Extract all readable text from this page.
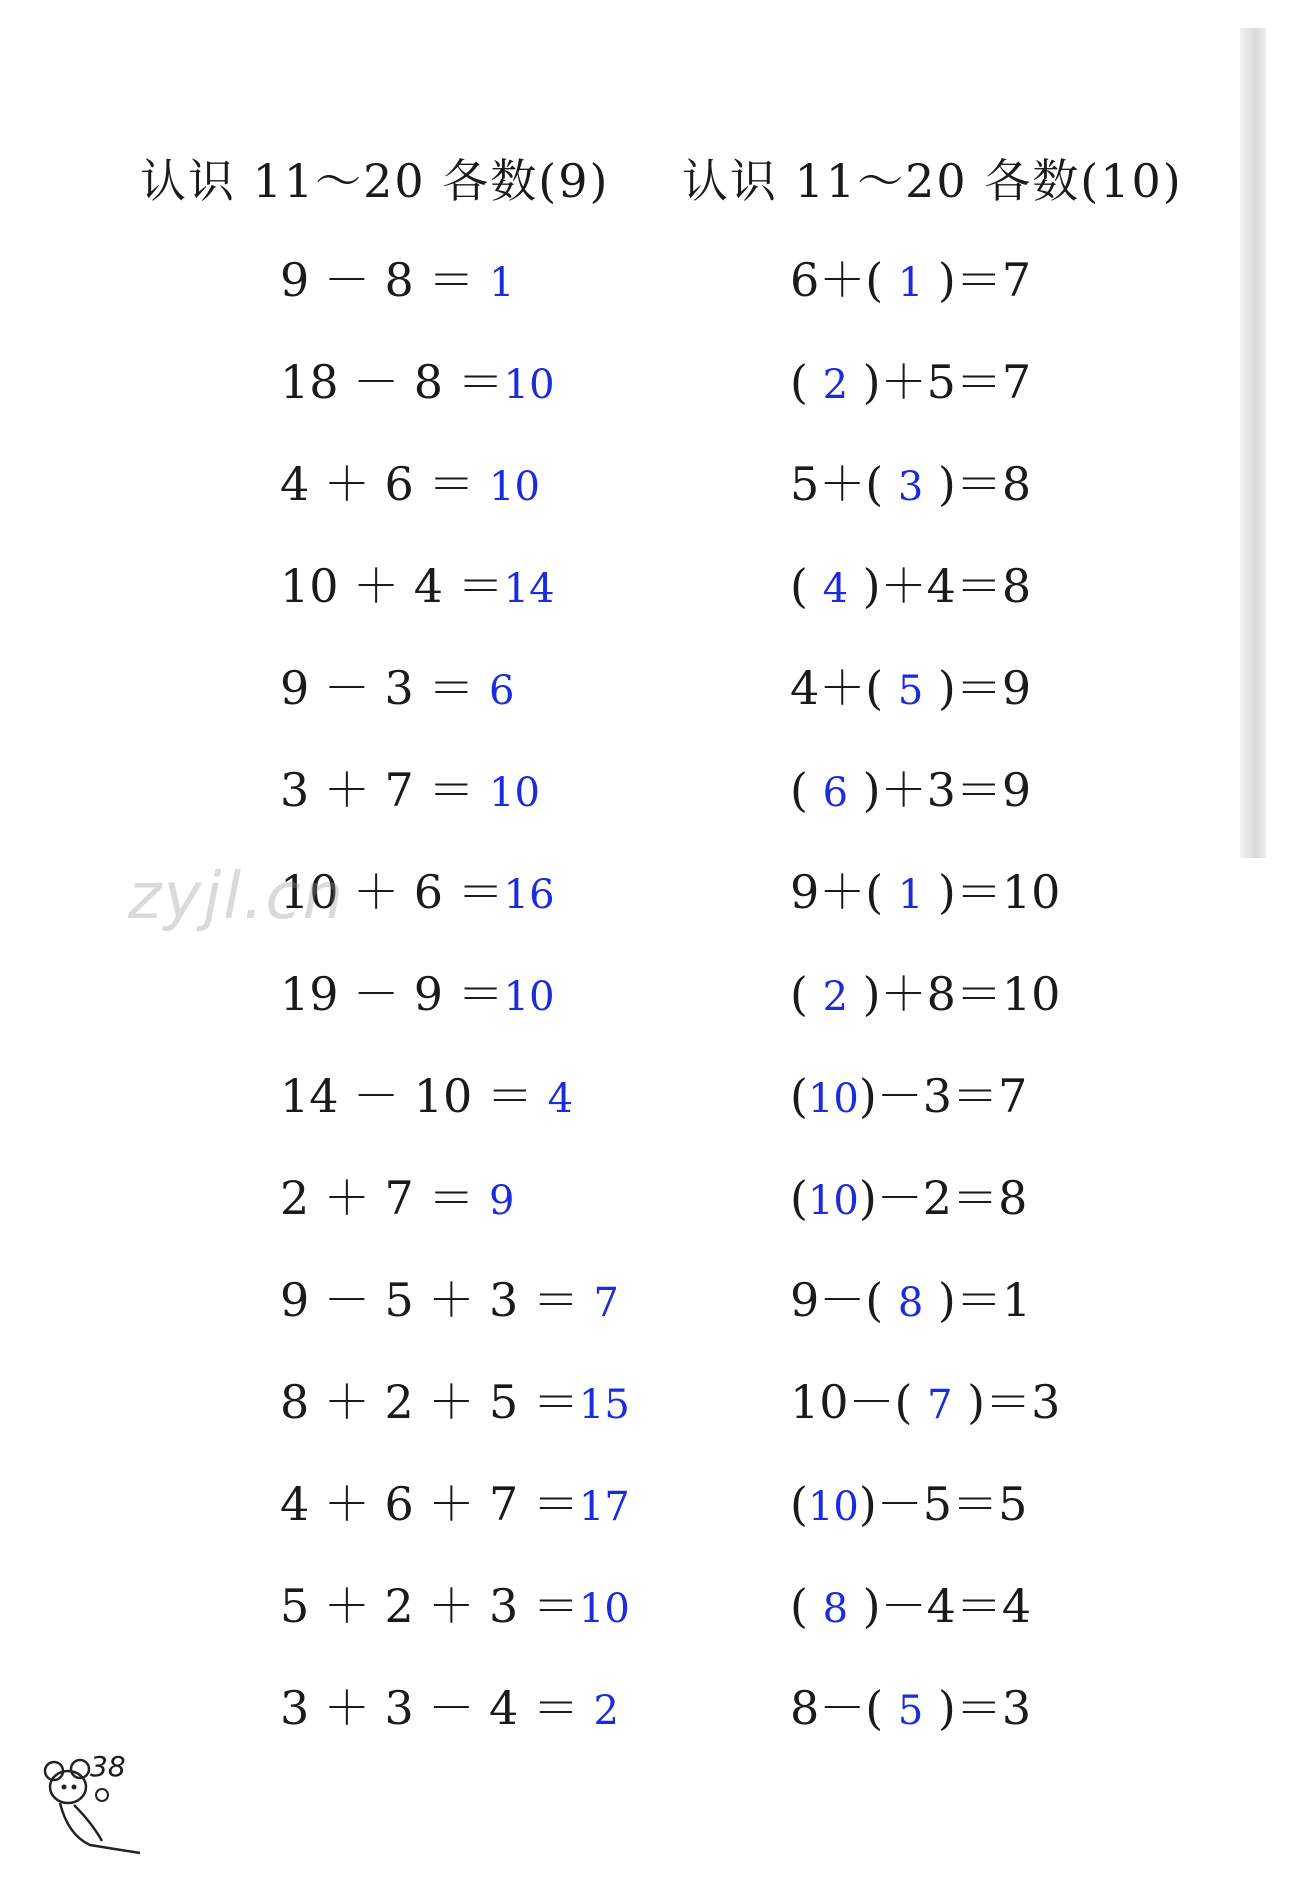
认识 11～20 各数(9) 认识 11～20 各数(10)
9 － 8 ＝ 1
18 － 8 ＝10
4 ＋ 6 ＝ 10
10 ＋ 4 ＝14
9 － 3 ＝ 6
3 ＋ 7 ＝ 10
10 ＋ 6 ＝16
19 － 9 ＝10
14 － 10 ＝ 4
2 ＋ 7 ＝ 9
9 － 5 ＋ 3 ＝ 7
8 ＋ 2 ＋ 5 ＝15
4 ＋ 6 ＋ 7 ＝17
5 ＋ 2 ＋ 3 ＝10
3 ＋ 3 － 4 ＝ 2
6＋( 1 )＝7
( 2 )＋5＝7
5＋( 3 )＝8
( 4 )＋4＝8
4＋( 5 )＝9
( 6 )＋3＝9
9＋( 1 )＝10
( 2 )＋8＝10
(10)－3＝7
(10)－2＝8
9－( 8 )＝1
10－( 7 )＝3
(10)－5＝5
( 8 )－4＝4
8－( 5 )＝3
zyjl.cn
38
